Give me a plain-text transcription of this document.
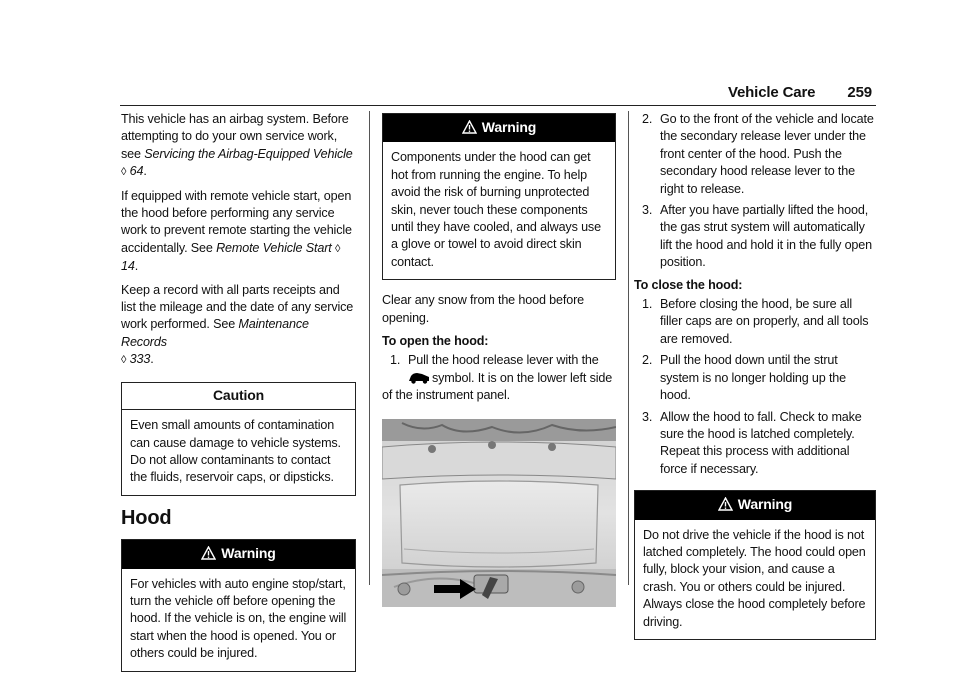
Vehicle Care 259

This vehicle has an airbag system. Before attempting to do your own service work, see Servicing the Airbag-Equipped Vehicle
◊ 64.

If equipped with remote vehicle start, open the hood before performing any service work to prevent remote starting the vehicle accidentally. See Remote Vehicle Start ◊ 14.

Keep a record with all parts receipts and list the mileage and the date of any service work performed. See Maintenance Records
◊ 333.

Caution
Even small amounts of contamination can cause damage to vehicle systems. Do not allow contaminants to contact the fluids, reservoir caps, or dipsticks.
Hood
Warning
For vehicles with auto engine stop/start, turn the vehicle off before opening the hood. If the vehicle is on, the engine will start when the hood is opened. You or others could be injured.
Warning
Components under the hood can get hot from running the engine. To help avoid the risk of burning unprotected skin, never touch these components until they have cooled, and always use a glove or towel to avoid direct skin contact.

Clear any snow from the hood before opening.

To open the hood:

1. Pull the hood release lever with the
symbol. It is on the lower left side of the instrument panel.
2. Go to the front of the vehicle and locate the secondary release lever under the front center of the hood. Push the secondary hood release lever to the right to release.
3. After you have partially lifted the hood, the gas strut system will automatically lift the hood and hold it in the fully open position.

To close the hood:

1. Before closing the hood, be sure all filler caps are on properly, and all tools are removed.
2. Pull the hood down until the strut system is no longer holding up the hood.
3. Allow the hood to fall. Check to make sure the hood is latched completely. Repeat this process with additional force if necessary.
Warning
Do not drive the vehicle if the hood is not latched completely. The hood could open fully, block your vision, and cause a crash. You or others could be injured. Always close the hood completely before driving.
